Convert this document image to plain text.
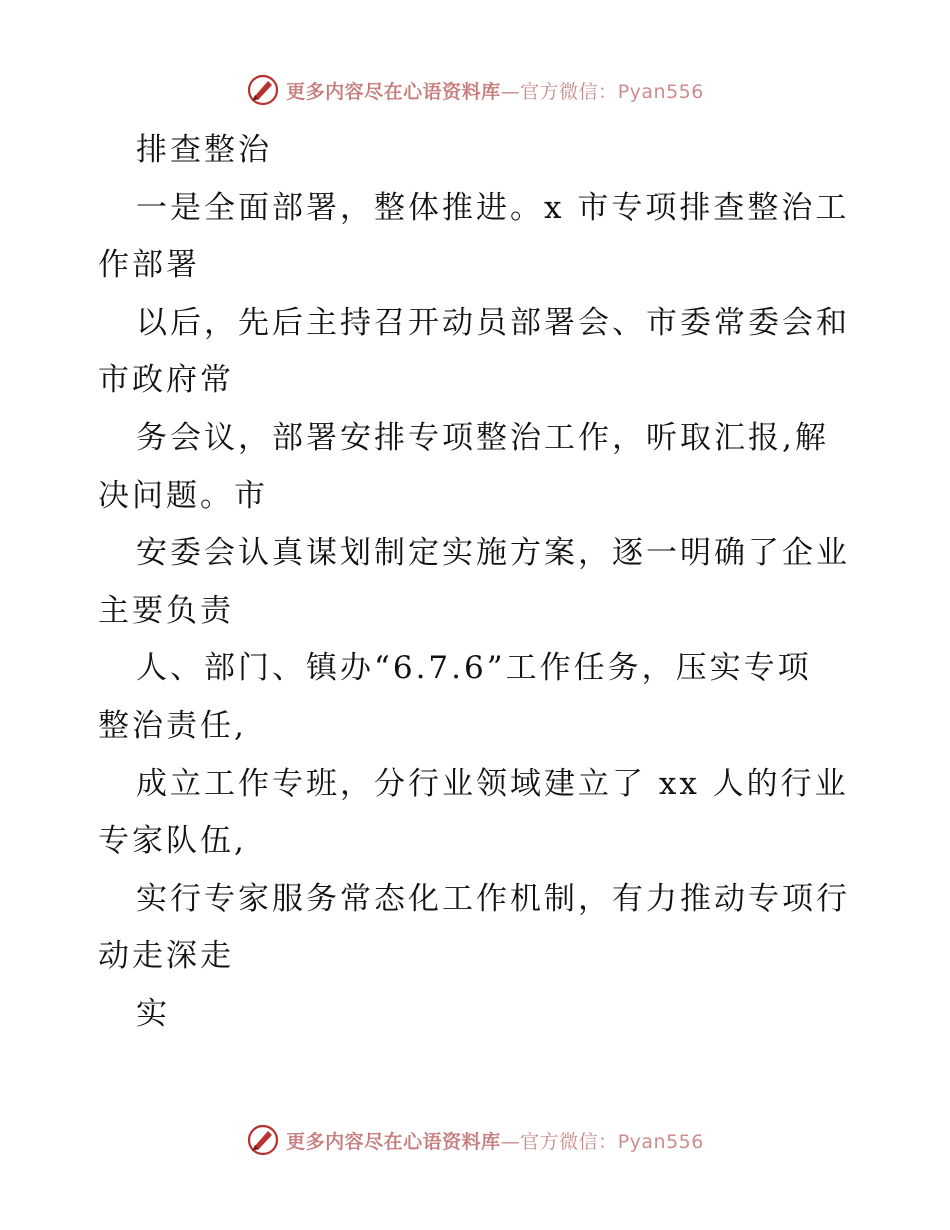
更多内容尽在心语资料库—官方微信：Pyan556
排查整治
一是全面部署，整体推进。x 市专项排查整治工
作部署
以后，先后主持召开动员部署会、市委常委会和
市政府常
务会议，部署安排专项整治工作，听取汇报,解
决问题。市
安委会认真谋划制定实施方案，逐一明确了企业
主要负责
人、部门、镇办“6.7.6”工作任务，压实专项
整治责任,
成立工作专班，分行业领域建立了 xx 人的行业
专家队伍,
实行专家服务常态化工作机制，有力推动专项行
动走深走
实
更多内容尽在心语资料库—官方微信：Pyan556
